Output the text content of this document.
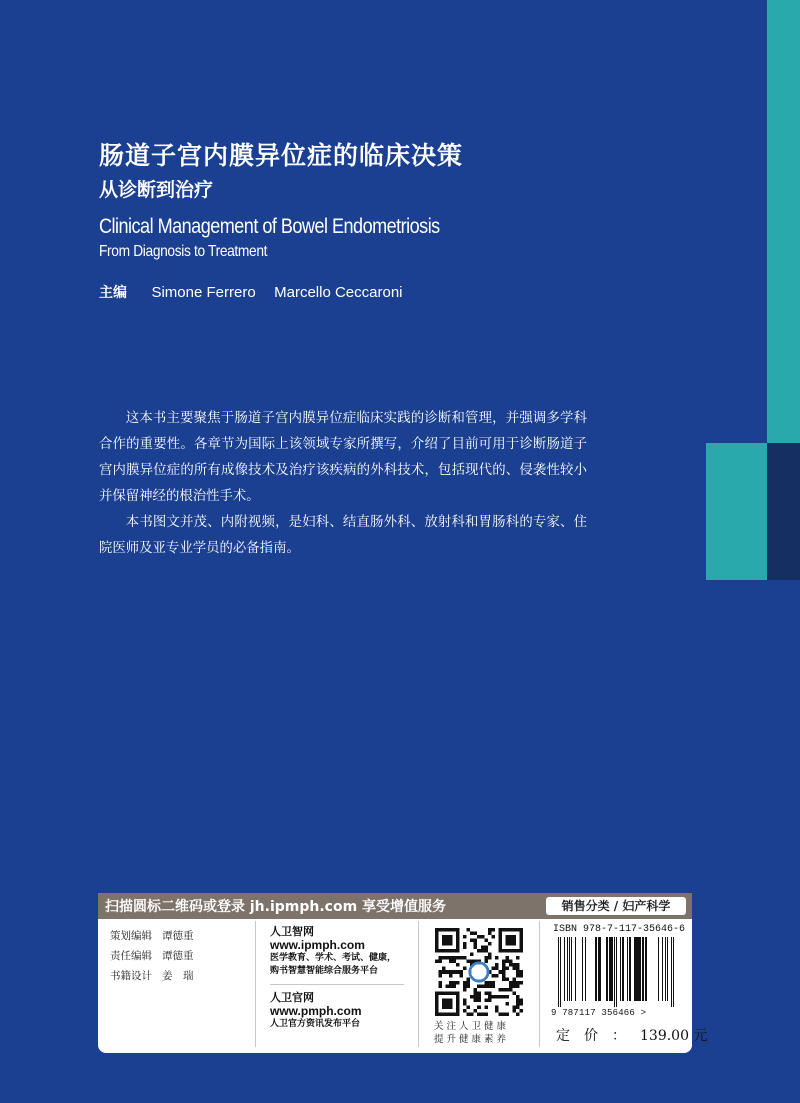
肠道子宫内膜异位症的临床决策
从诊断到治疗
Clinical Management of Bowel Endometriosis
From Diagnosis to Treatment
主编 Simone Ferrero Marcello Ceccaroni

这本书主要聚焦于肠道子宫内膜异位症临床实践的诊断和管理，并强调多学科合作的重要性。各章节为国际上该领域专家所撰写，介绍了目前可用于诊断肠道子宫内膜异位症的所有成像技术及治疗该疾病的外科技术，包括现代的、侵袭性较小并保留神经的根治性手术。

本书图文并茂、内附视频，是妇科、结直肠外科、放射科和胃肠科的专家、住院医师及亚专业学员的必备指南。

扫描圆标二维码或登录 jh.ipmph.com 享受增值服务	销售分类 / 妇产科学
策划编辑 谭德重
责任编辑 谭德重
书籍设计 姜　瑞
人卫智网
www.ipmph.com
医学教育、学术、考试、健康，
购书智慧智能综合服务平台
人卫官网
www.pmph.com
人卫官方资讯发布平台	关注人卫健康
提升健康素养
ISBN 978-7-117-35646-6
9 787117 356466 >
定价：139.00 元
